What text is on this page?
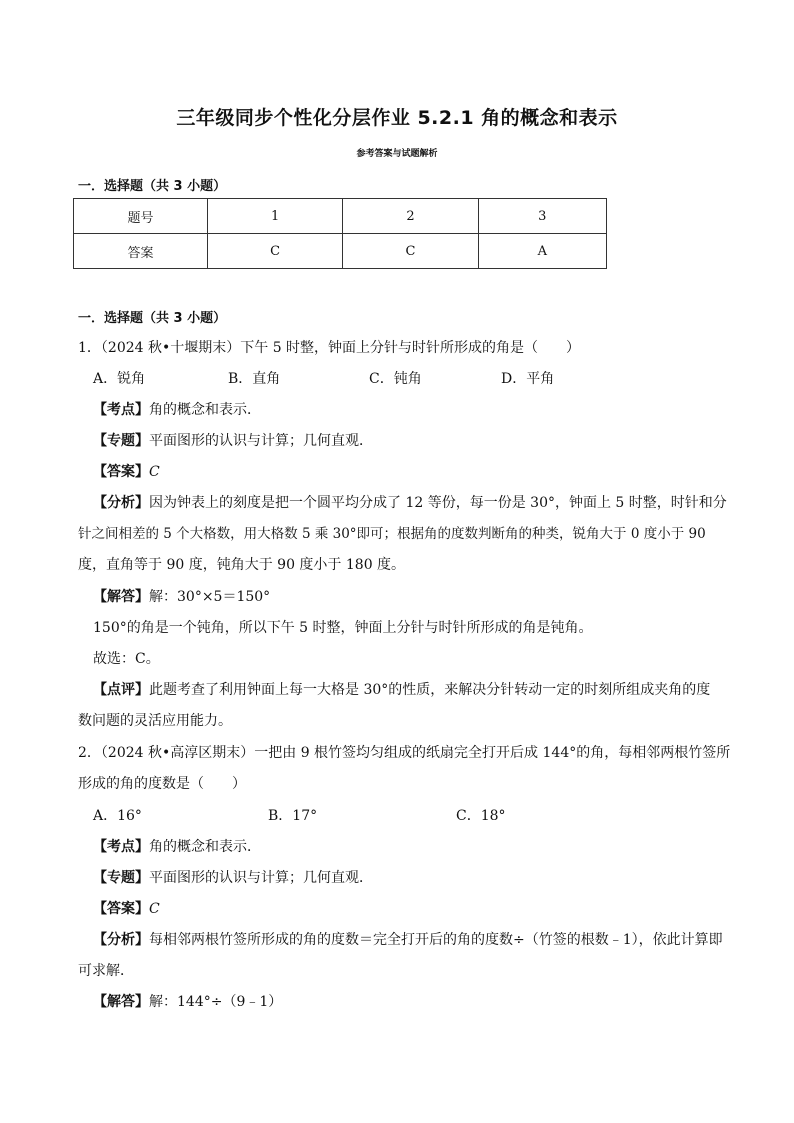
三年级同步个性化分层作业 5.2.1 角的概念和表示
参考答案与试题解析
一．选择题（共 3 小题）
题号	1	2	3
答案	C	C	A
一．选择题（共 3 小题）
1．（2024 秋•十堰期末）下午 5 时整，钟面上分针与时针所形成的角是（　　）
A．锐角	B．直角	C．钝角	D．平角
【考点】角的概念和表示．
【专题】平面图形的认识与计算；几何直观．
【答案】C
【分析】因为钟表上的刻度是把一个圆平均分成了 12 等份，每一份是 30°，钟面上 5 时整，时针和分
针之间相差的 5 个大格数，用大格数 5 乘 30°即可；根据角的度数判断角的种类，锐角大于 0 度小于 90
度，直角等于 90 度，钝角大于 90 度小于 180 度。
【解答】解：30°×5＝150°
150°的角是一个钝角，所以下午 5 时整，钟面上分针与时针所形成的角是钝角。
故选：C。
【点评】此题考查了利用钟面上每一大格是 30°的性质，来解决分针转动一定的时刻所组成夹角的度
数问题的灵活应用能力。
2．（2024 秋•高淳区期末）一把由 9 根竹签均匀组成的纸扇完全打开后成 144°的角，每相邻两根竹签所
形成的角的度数是（　　）
A．16°	B．17°	C．18°
【考点】角的概念和表示．
【专题】平面图形的认识与计算；几何直观．
【答案】C
【分析】每相邻两根竹签所形成的角的度数＝完全打开后的角的度数÷（竹签的根数﹣1），依此计算即
可求解．
【解答】解：144°÷（9﹣1）
